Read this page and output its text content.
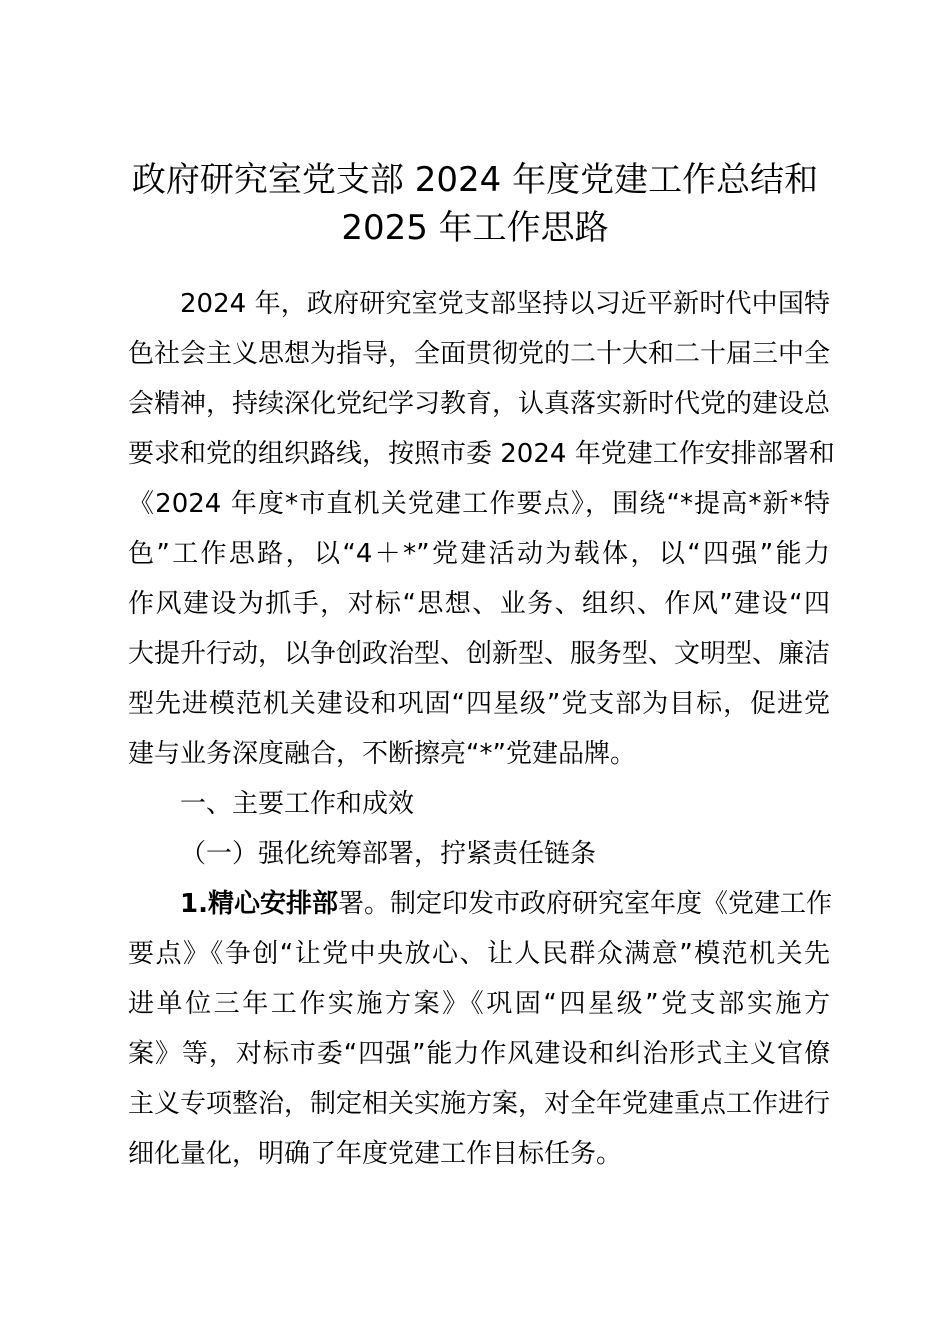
政府研究室党支部 2024 年度党建工作总结和
2025 年工作思路
2024 年，政府研究室党支部坚持以习近平新时代中国特
色社会主义思想为指导，全面贯彻党的二十大和二十届三中全
会精神，持续深化党纪学习教育，认真落实新时代党的建设总
要求和党的组织路线，按照市委 2024 年党建工作安排部署和
《2024 年度*市直机关党建工作要点》，围绕“*提高*新*特
色”工作思路，以“4＋*”党建活动为载体，以“四强”能力
作风建设为抓手，对标“思想、业务、组织、作风”建设“四
大提升行动，以争创政治型、创新型、服务型、文明型、廉洁
型先进模范机关建设和巩固“四星级”党支部为目标，促进党
建与业务深度融合，不断擦亮“*”党建品牌。
一、主要工作和成效
（一）强化统筹部署，拧紧责任链条
1.精心安排部署。制定印发市政府研究室年度《党建工作
要点》《争创“让党中央放心、让人民群众满意”模范机关先
进单位三年工作实施方案》《巩固“四星级”党支部实施方
案》等，对标市委“四强”能力作风建设和纠治形式主义官僚
主义专项整治，制定相关实施方案，对全年党建重点工作进行
细化量化，明确了年度党建工作目标任务。
